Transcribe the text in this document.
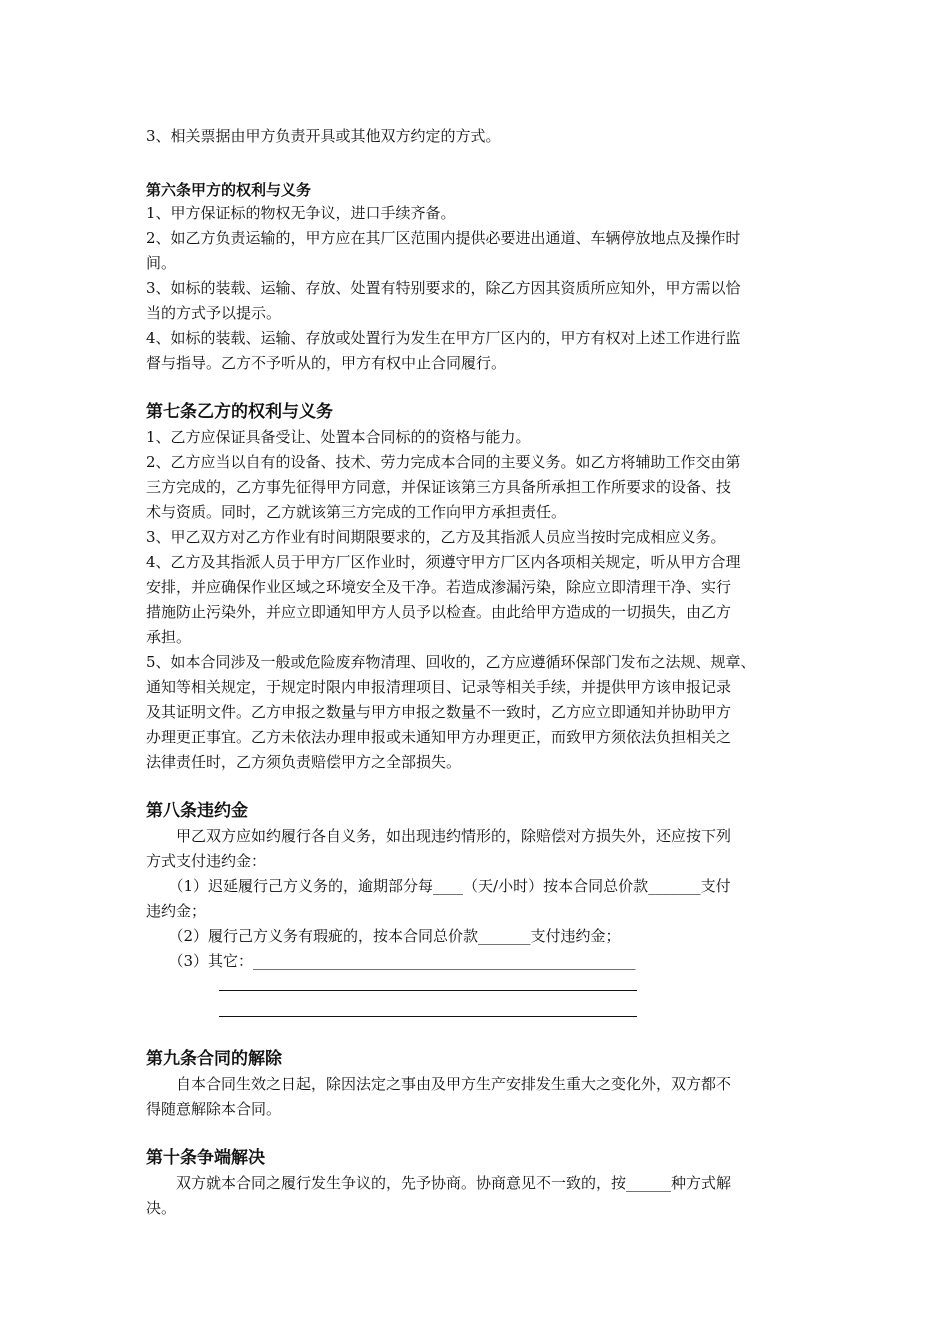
3、相关票据由甲方负责开具或其他双方约定的方式。

第六条甲方的权利与义务

1、甲方保证标的物权无争议，进口手续齐备。

2、如乙方负责运输的，甲方应在其厂区范围内提供必要进出通道、车辆停放地点及操作时

间。

3、如标的装载、运输、存放、处置有特别要求的，除乙方因其资质所应知外，甲方需以恰

当的方式予以提示。

4、如标的装载、运输、存放或处置行为发生在甲方厂区内的，甲方有权对上述工作进行监

督与指导。乙方不予听从的，甲方有权中止合同履行。

第七条乙方的权利与义务

1、乙方应保证具备受让、处置本合同标的的资格与能力。

2、乙方应当以自有的设备、技术、劳力完成本合同的主要义务。如乙方将辅助工作交由第

三方完成的，乙方事先征得甲方同意，并保证该第三方具备所承担工作所要求的设备、技

术与资质。同时，乙方就该第三方完成的工作向甲方承担责任。

3、甲乙双方对乙方作业有时间期限要求的，乙方及其指派人员应当按时完成相应义务。

4、乙方及其指派人员于甲方厂区作业时，须遵守甲方厂区内各项相关规定，听从甲方合理

安排，并应确保作业区域之环境安全及干净。若造成渗漏污染，除应立即清理干净、实行

措施防止污染外，并应立即通知甲方人员予以检查。由此给甲方造成的一切损失，由乙方

承担。

5、如本合同涉及一般或危险废弃物清理、回收的，乙方应遵循环保部门发布之法规、规章、

通知等相关规定，于规定时限内申报清理项目、记录等相关手续，并提供甲方该申报记录

及其证明文件。乙方申报之数量与甲方申报之数量不一致时，乙方应立即通知并协助甲方

办理更正事宜。乙方未依法办理申报或未通知甲方办理更正，而致甲方须依法负担相关之

法律责任时，乙方须负责赔偿甲方之全部损失。

第八条违约金

　　甲乙双方应如约履行各自义务，如出现违约情形的，除赔偿对方损失外，还应按下列

方式支付违约金：

　　（1）迟延履行己方义务的，逾期部分每____（天/小时）按本合同总价款_______支付

违约金；

　　（2）履行己方义务有瑕疵的，按本合同总价款_______支付违约金；

　　（3）其它：___________________________________________________

第九条合同的解除

　　自本合同生效之日起，除因法定之事由及甲方生产安排发生重大之变化外，双方都不

得随意解除本合同。

第十条争端解决

　　双方就本合同之履行发生争议的，先予协商。协商意见不一致的，按______种方式解

决。
